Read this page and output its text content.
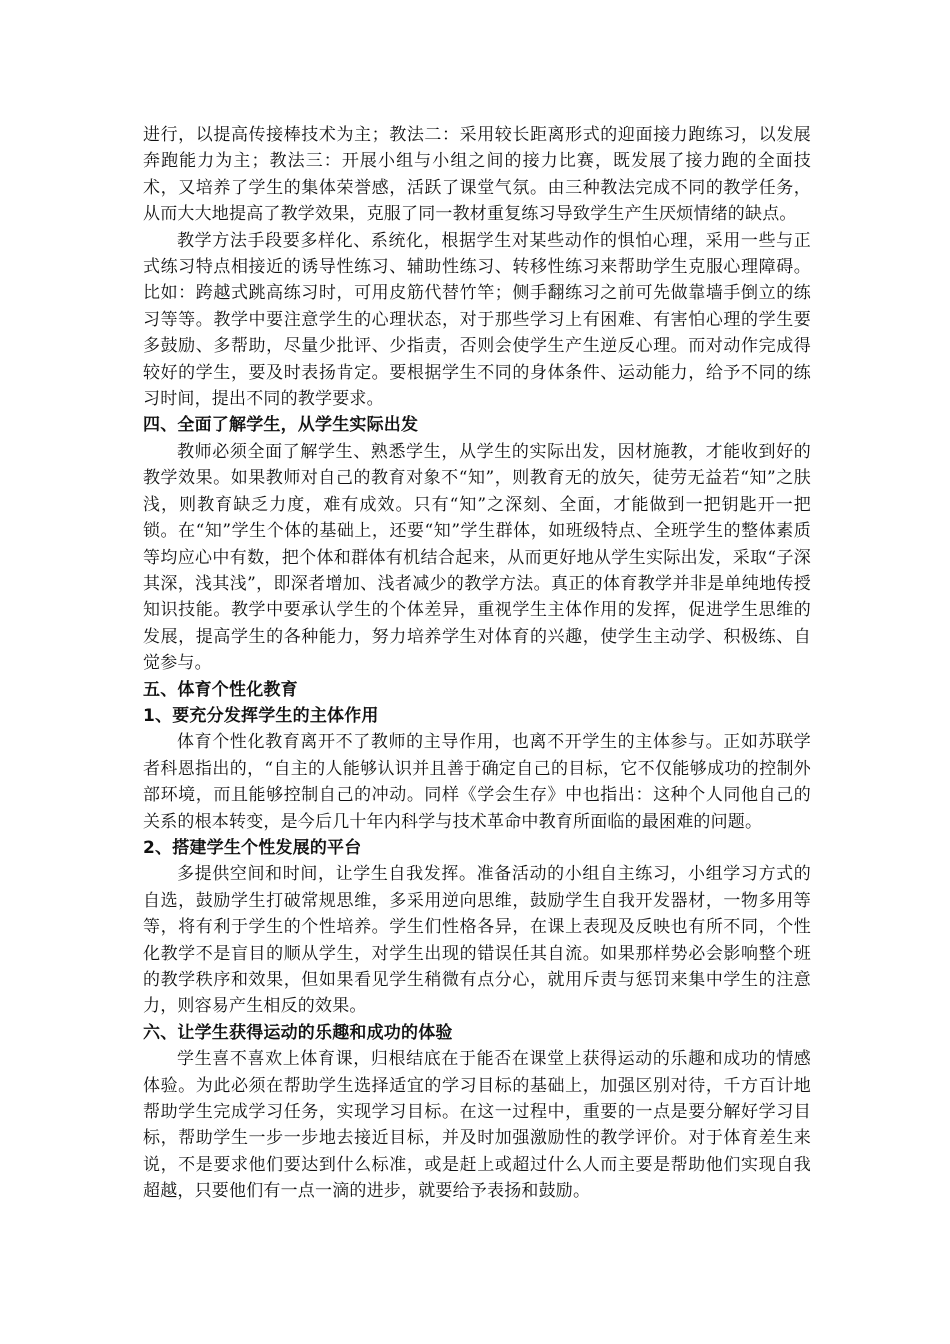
进行，以提高传接棒技术为主；教法二：采用较长距离形式的迎面接力跑练习，以发展奔跑能力为主；教法三：开展小组与小组之间的接力比赛，既发展了接力跑的全面技术，又培养了学生的集体荣誉感，活跃了课堂气氛。由三种教法完成不同的教学任务，从而大大地提高了教学效果，克服了同一教材重复练习导致学生产生厌烦情绪的缺点。

教学方法手段要多样化、系统化，根据学生对某些动作的惧怕心理，采用一些与正式练习特点相接近的诱导性练习、辅助性练习、转移性练习来帮助学生克服心理障碍。比如：跨越式跳高练习时，可用皮筋代替竹竿；侧手翻练习之前可先做靠墙手倒立的练习等等。教学中要注意学生的心理状态，对于那些学习上有困难、有害怕心理的学生要多鼓励、多帮助，尽量少批评、少指责，否则会使学生产生逆反心理。而对动作完成得较好的学生，要及时表扬肯定。要根据学生不同的身体条件、运动能力，给予不同的练习时间，提出不同的教学要求。

四、全面了解学生，从学生实际出发

教师必须全面了解学生、熟悉学生，从学生的实际出发，因材施教，才能收到好的教学效果。如果教师对自己的教育对象不“知”，则教育无的放矢，徒劳无益若“知”之肤浅，则教育缺乏力度，难有成效。只有“知”之深刻、全面，才能做到一把钥匙开一把锁。在“知”学生个体的基础上，还要“知”学生群体，如班级特点、全班学生的整体素质等均应心中有数，把个体和群体有机结合起来，从而更好地从学生实际出发，采取“子深其深，浅其浅”，即深者增加、浅者减少的教学方法。真正的体育教学并非是单纯地传授知识技能。教学中要承认学生的个体差异，重视学生主体作用的发挥，促进学生思维的发展，提高学生的各种能力，努力培养学生对体育的兴趣，使学生主动学、积极练、自觉参与。

五、体育个性化教育
1、要充分发挥学生的主体作用

体育个性化教育离开不了教师的主导作用，也离不开学生的主体参与。正如苏联学者科恩指出的，“自主的人能够认识并且善于确定自己的目标，它不仅能够成功的控制外部环境，而且能够控制自己的冲动。同样《学会生存》中也指出：这种个人同他自己的关系的根本转变，是今后几十年内科学与技术革命中教育所面临的最困难的问题。

2、搭建学生个性发展的平台

多提供空间和时间，让学生自我发挥。准备活动的小组自主练习，小组学习方式的自选，鼓励学生打破常规思维，多采用逆向思维，鼓励学生自我开发器材，一物多用等等，将有利于学生的个性培养。学生们性格各异，在课上表现及反映也有所不同，个性化教学不是盲目的顺从学生，对学生出现的错误任其自流。如果那样势必会影响整个班的教学秩序和效果，但如果看见学生稍微有点分心，就用斥责与惩罚来集中学生的注意力，则容易产生相反的效果。

六、让学生获得运动的乐趣和成功的体验

学生喜不喜欢上体育课，归根结底在于能否在课堂上获得运动的乐趣和成功的情感体验。为此必须在帮助学生选择适宜的学习目标的基础上，加强区别对待，千方百计地帮助学生完成学习任务，实现学习目标。在这一过程中，重要的一点是要分解好学习目标，帮助学生一步一步地去接近目标，并及时加强激励性的教学评价。对于体育差生来说，不是要求他们要达到什么标准，或是赶上或超过什么人而主要是帮助他们实现自我超越，只要他们有一点一滴的进步，就要给予表扬和鼓励。
